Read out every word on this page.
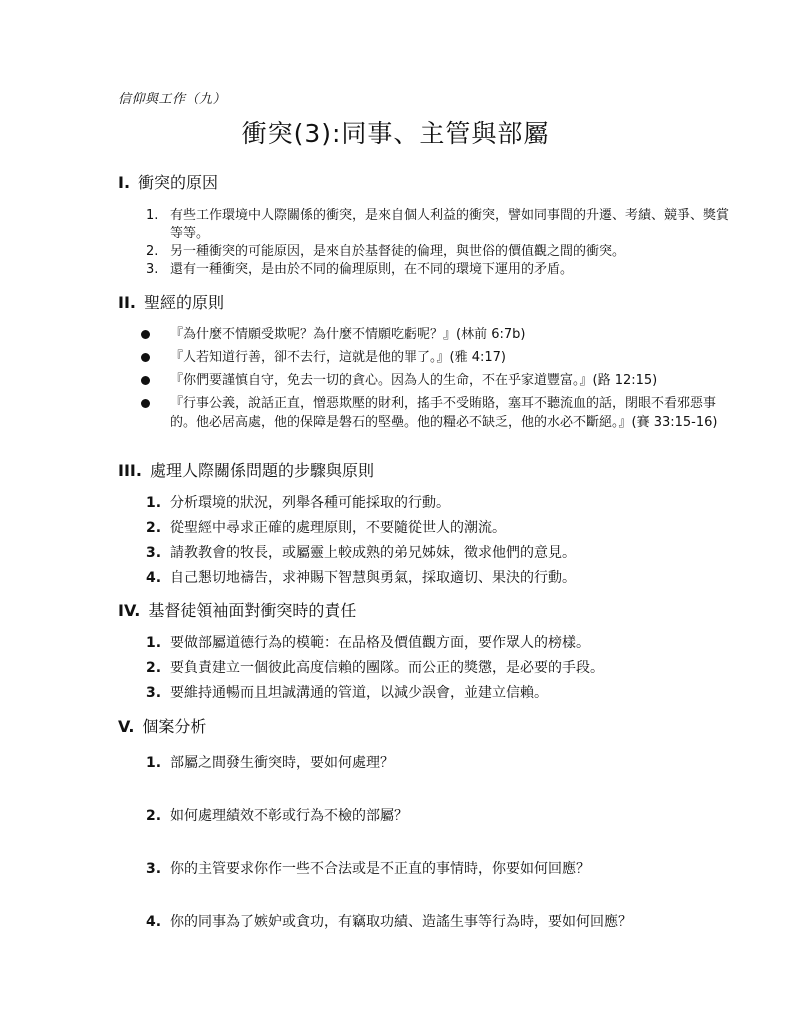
信仰與工作（九）
衝突(3):同事、主管與部屬
I. 衝突的原因
1. 有些工作環境中人際關係的衝突，是來自個人利益的衝突，譬如同事間的升遷、考績、競爭、獎賞等等。
2. 另一種衝突的可能原因，是來自於基督徒的倫理，與世俗的價值觀之間的衝突。
3. 還有一種衝突，是由於不同的倫理原則，在不同的環境下運用的矛盾。
II. 聖經的原則
『為什麼不情願受欺呢？為什麼不情願吃虧呢？』(林前 6:7b)
『人若知道行善，卻不去行，這就是他的罪了。』(雅 4:17)
『你們要謹慎自守，免去一切的貪心。因為人的生命，不在乎家道豐富。』(路 12:15)
『行事公義，說話正直，憎惡欺壓的財利，搖手不受賄賂，塞耳不聽流血的話，閉眼不看邪惡事的。他必居高處，他的保障是磐石的堅壘。他的糧必不缺乏，他的水必不斷絕。』(賽 33:15-16)
III. 處理人際關係問題的步驟與原則
1. 分析環境的狀況，列舉各種可能採取的行動。
2. 從聖經中尋求正確的處理原則，不要隨從世人的潮流。
3. 請教教會的牧長，或屬靈上較成熟的弟兄姊妹，徵求他們的意見。
4. 自己懇切地禱告，求神賜下智慧與勇氣，採取適切、果決的行動。
IV. 基督徒領袖面對衝突時的責任
1. 要做部屬道德行為的模範：在品格及價值觀方面，要作眾人的榜樣。
2. 要負責建立一個彼此高度信賴的團隊。而公正的獎懲，是必要的手段。
3. 要維持通暢而且坦誠溝通的管道，以減少誤會，並建立信賴。
V. 個案分析
1. 部屬之間發生衝突時，要如何處理？
2. 如何處理績效不彰或行為不檢的部屬？
3. 你的主管要求你作一些不合法或是不正直的事情時，你要如何回應？
4. 你的同事為了嫉妒或貪功，有竊取功績、造謠生事等行為時，要如何回應？
